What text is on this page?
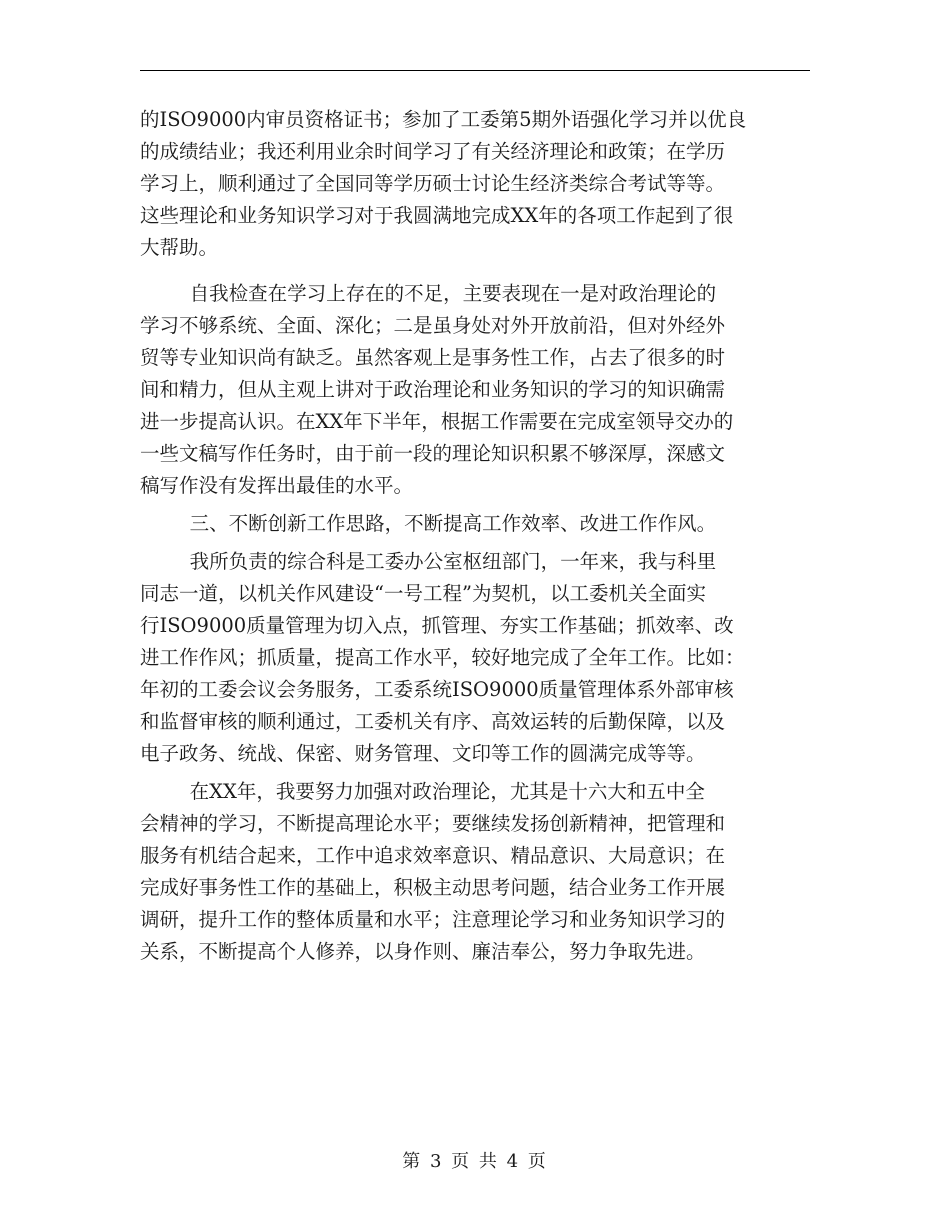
的ISO9000内审员资格证书；参加了工委第5期外语强化学习并以优良
的成绩结业；我还利用业余时间学习了有关经济理论和政策；在学历
学习上，顺利通过了全国同等学历硕士讨论生经济类综合考试等等。
这些理论和业务知识学习对于我圆满地完成XX年的各项工作起到了很
大帮助。
自我检查在学习上存在的不足，主要表现在一是对政治理论的
学习不够系统、全面、深化；二是虽身处对外开放前沿，但对外经外
贸等专业知识尚有缺乏。虽然客观上是事务性工作，占去了很多的时
间和精力，但从主观上讲对于政治理论和业务知识的学习的知识确需
进一步提高认识。在XX年下半年，根据工作需要在完成室领导交办的
一些文稿写作任务时，由于前一段的理论知识积累不够深厚，深感文
稿写作没有发挥出最佳的水平。
三、不断创新工作思路，不断提高工作效率、改进工作作风。
我所负责的综合科是工委办公室枢纽部门，一年来，我与科里
同志一道，以机关作风建设“一号工程”为契机，以工委机关全面实
行ISO9000质量管理为切入点，抓管理、夯实工作基础；抓效率、改
进工作作风；抓质量，提高工作水平，较好地完成了全年工作。比如：
年初的工委会议会务服务，工委系统ISO9000质量管理体系外部审核
和监督审核的顺利通过，工委机关有序、高效运转的后勤保障，以及
电子政务、统战、保密、财务管理、文印等工作的圆满完成等等。
在XX年，我要努力加强对政治理论，尤其是十六大和五中全
会精神的学习，不断提高理论水平；要继续发扬创新精神，把管理和
服务有机结合起来，工作中追求效率意识、精品意识、大局意识；在
完成好事务性工作的基础上，积极主动思考问题，结合业务工作开展
调研，提升工作的整体质量和水平；注意理论学习和业务知识学习的
关系，不断提高个人修养，以身作则、廉洁奉公，努力争取先进。
第 3 页 共 4 页
